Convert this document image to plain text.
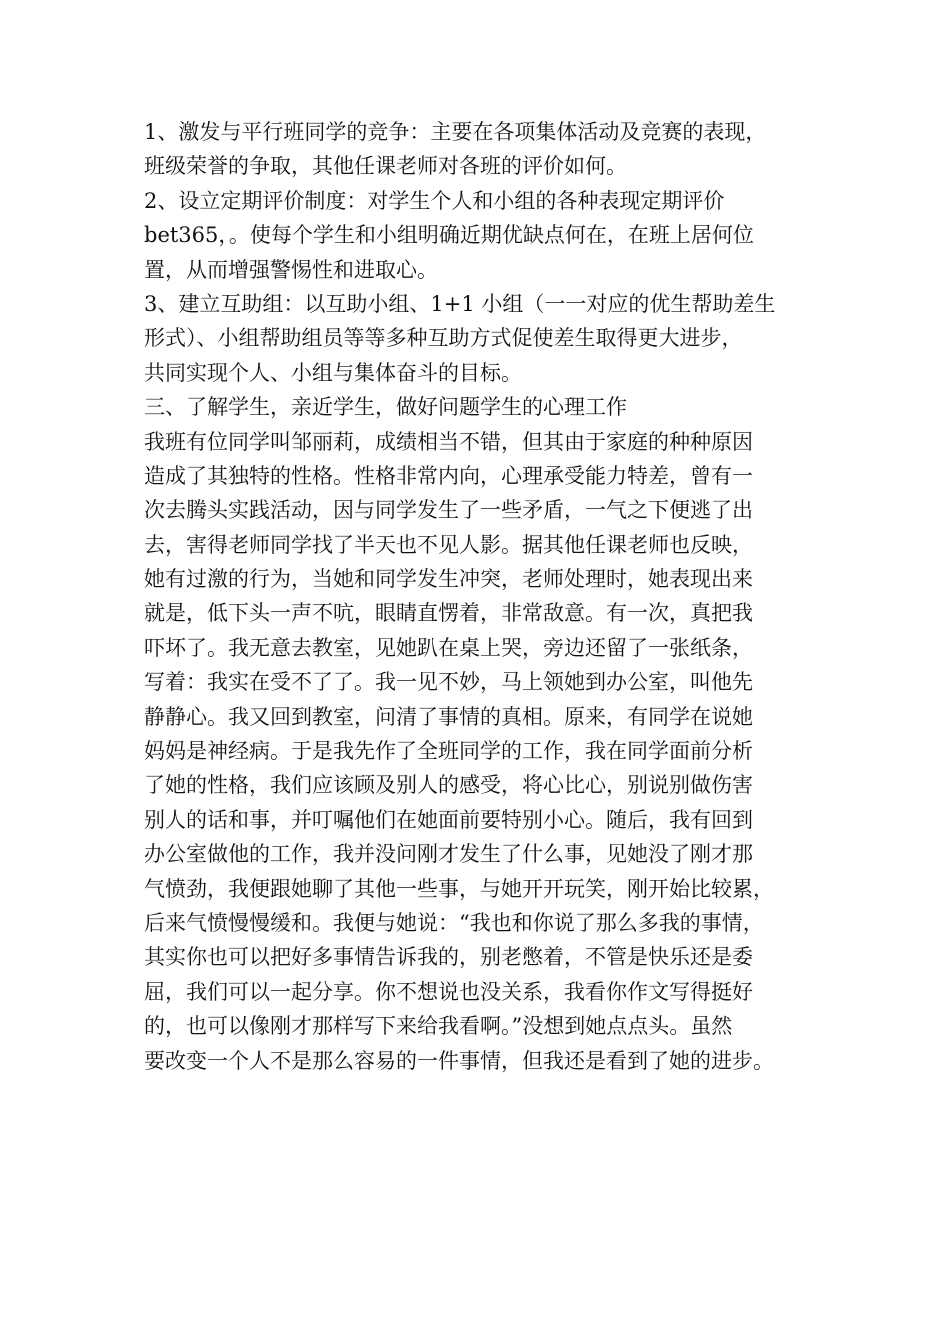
1、激发与平行班同学的竞争：主要在各项集体活动及竞赛的表现，
班级荣誉的争取，其他任课老师对各班的评价如何。
2、设立定期评价制度：对学生个人和小组的各种表现定期评价
bet365，。使每个学生和小组明确近期优缺点何在，在班上居何位
置，从而增强警惕性和进取心。
3、建立互助组：以互助小组、1+1 小组（一一对应的优生帮助差生
形式）、小组帮助组员等等多种互助方式促使差生取得更大进步，
共同实现个人、小组与集体奋斗的目标。
三、了解学生，亲近学生，做好问题学生的心理工作
我班有位同学叫邹丽莉，成绩相当不错，但其由于家庭的种种原因
造成了其独特的性格。性格非常内向，心理承受能力特差，曾有一
次去腾头实践活动，因与同学发生了一些矛盾，一气之下便逃了出
去，害得老师同学找了半天也不见人影。据其他任课老师也反映，
她有过激的行为，当她和同学发生冲突，老师处理时，她表现出来
就是，低下头一声不吭，眼睛直愣着，非常敌意。有一次，真把我
吓坏了。我无意去教室，见她趴在桌上哭，旁边还留了一张纸条，
写着：我实在受不了了。我一见不妙，马上领她到办公室，叫他先
静静心。我又回到教室，问清了事情的真相。原来，有同学在说她
妈妈是神经病。于是我先作了全班同学的工作，我在同学面前分析
了她的性格，我们应该顾及别人的感受，将心比心，别说别做伤害
别人的话和事，并叮嘱他们在她面前要特别小心。随后，我有回到
办公室做他的工作，我并没问刚才发生了什么事，见她没了刚才那
气愤劲，我便跟她聊了其他一些事，与她开开玩笑，刚开始比较累，
后来气愤慢慢缓和。我便与她说：“我也和你说了那么多我的事情，
其实你也可以把好多事情告诉我的，别老憋着，不管是快乐还是委
屈，我们可以一起分享。你不想说也没关系，我看你作文写得挺好
的，也可以像刚才那样写下来给我看啊。”没想到她点点头。虽然
要改变一个人不是那么容易的一件事情，但我还是看到了她的进步。
